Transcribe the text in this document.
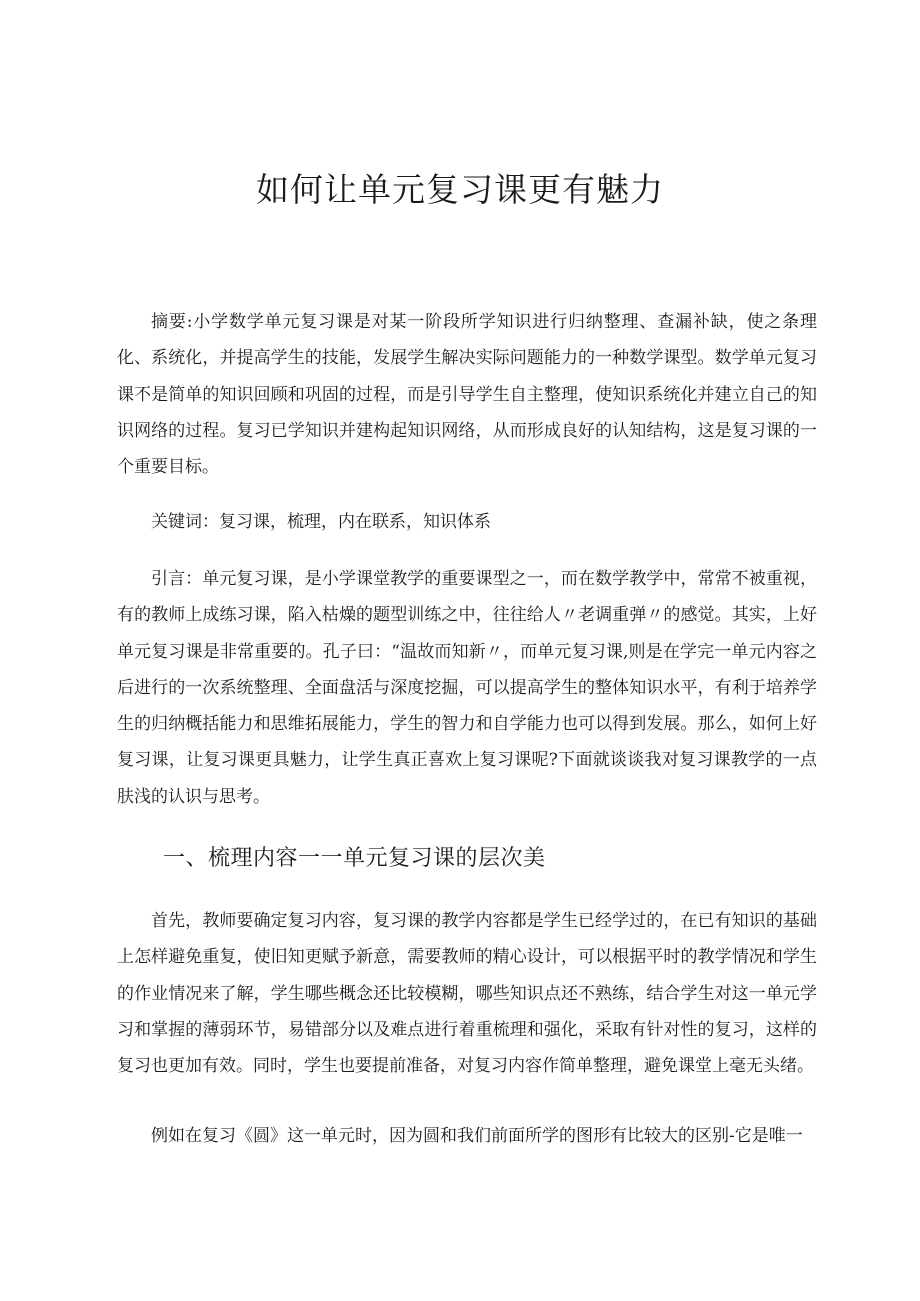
如何让单元复习课更有魅力

摘要:小学数学单元复习课是对某一阶段所学知识进行归纳整理、查漏补缺，使之条理化、系统化，并提高学生的技能，发展学生解决实际问题能力的一种数学课型。数学单元复习课不是简单的知识回顾和巩固的过程，而是引导学生自主整理，使知识系统化并建立自己的知识网络的过程。复习已学知识并建构起知识网络，从而形成良好的认知结构，这是复习课的一个重要目标。

关键词：复习课，梳理，内在联系，知识体系

引言：单元复习课，是小学课堂教学的重要课型之一，而在数学教学中，常常不被重视，有的教师上成练习课，陷入枯燥的题型训练之中，往往给人〃老调重弹〃的感觉。其实，上好单元复习课是非常重要的。孔子曰：“温故而知新〃，而单元复习课,则是在学完一单元内容之后进行的一次系统整理、全面盘活与深度挖掘，可以提高学生的整体知识水平，有利于培养学生的归纳概括能力和思维拓展能力，学生的智力和自学能力也可以得到发展。那么，如何上好复习课，让复习课更具魅力，让学生真正喜欢上复习课呢?下面就谈谈我对复习课教学的一点肤浅的认识与思考。

一、梳理内容一一单元复习课的层次美

首先，教师要确定复习内容，复习课的教学内容都是学生已经学过的，在已有知识的基础上怎样避免重复，使旧知更赋予新意，需要教师的精心设计，可以根据平时的教学情况和学生的作业情况来了解，学生哪些概念还比较模糊，哪些知识点还不熟练，结合学生对这一单元学习和掌握的薄弱环节，易错部分以及难点进行着重梳理和强化，采取有针对性的复习，这样的复习也更加有效。同时，学生也要提前准备，对复习内容作简单整理，避免课堂上毫无头绪。

例如在复习《圆》这一单元时，因为圆和我们前面所学的图形有比较大的区别-它是唯一
